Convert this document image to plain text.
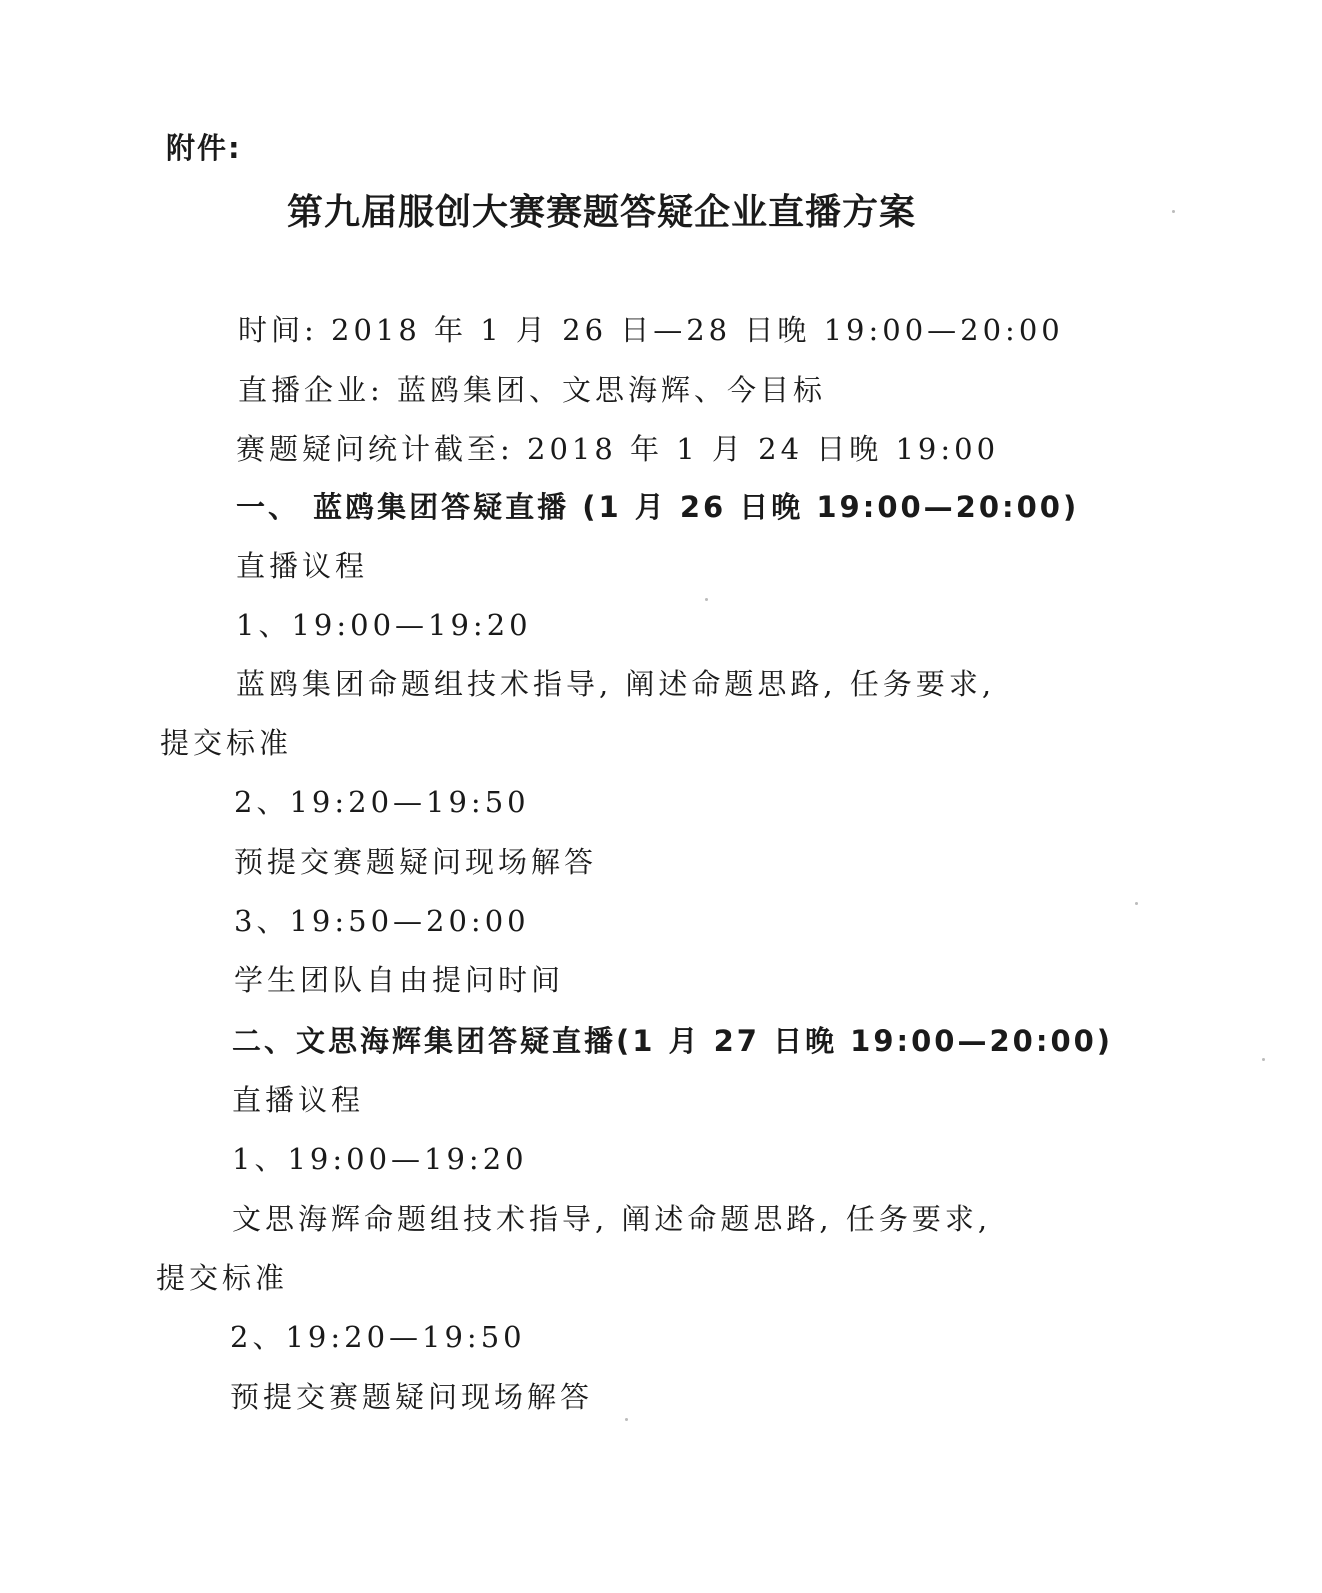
附件:
第九届服创大赛赛题答疑企业直播方案
时间: 2018 年 1 月 26 日—28 日晚 19:00—20:00
直播企业: 蓝鸥集团、文思海辉、今目标
赛题疑问统计截至: 2018 年 1 月 24 日晚 19:00
一、 蓝鸥集团答疑直播 (1 月 26 日晚 19:00—20:00)
直播议程
1、19:00—19:20
蓝鸥集团命题组技术指导, 阐述命题思路, 任务要求,
提交标准
2、19:20—19:50
预提交赛题疑问现场解答
3、19:50—20:00
学生团队自由提问时间
二、文思海辉集团答疑直播(1 月 27 日晚 19:00—20:00)
直播议程
1、19:00—19:20
文思海辉命题组技术指导, 阐述命题思路, 任务要求,
提交标准
2、19:20—19:50
预提交赛题疑问现场解答
